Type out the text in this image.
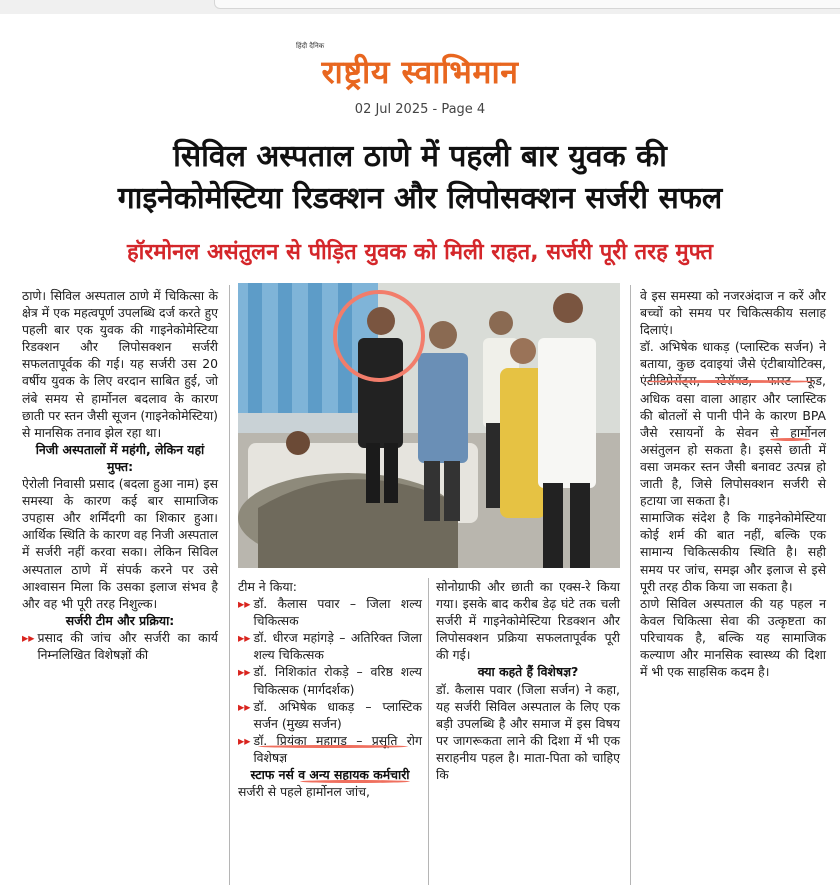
हिंदी दैनिक
राष्ट्रीय स्वाभिमान
02 Jul 2025 - Page 4
सिविल अस्पताल ठाणे में पहली बार युवक की
गाइनेकोमेस्टिया रिडक्शन और लिपोसक्शन सर्जरी सफल
हॉरमोनल असंतुलन से पीड़ित युवक को मिली राहत, सर्जरी पूरी तरह मुफ्त

ठाणे। सिविल अस्पताल ठाणे में चिकित्सा के क्षेत्र में एक महत्वपूर्ण उपलब्धि दर्ज करते हुए पहली बार एक युवक की गाइनेकोमेस्टिया रिडक्शन और लिपोसक्शन सर्जरी सफलतापूर्वक की गई। यह सर्जरी उस 20 वर्षीय युवक के लिए वरदान साबित हुई, जो लंबे समय से हार्मोनल बदलाव के कारण छाती पर स्तन जैसी सूजन (गाइनेकोमेस्टिया) से मानसिक तनाव झेल रहा था।

निजी अस्पतालों में महंगी, लेकिन यहां मुफ्त:

ऐरोली निवासी प्रसाद (बदला हुआ नाम) इस समस्या के कारण कई बार सामाजिक उपहास और शर्मिंदगी का शिकार हुआ। आर्थिक स्थिति के कारण वह निजी अस्पताल में सर्जरी नहीं करवा सका। लेकिन सिविल अस्पताल ठाणे में संपर्क करने पर उसे आश्वासन मिला कि उसका इलाज संभव है और वह भी पूरी तरह निशुल्क।

सर्जरी टीम और प्रक्रिया:

▸▸ प्रसाद की जांच और सर्जरी का कार्य निम्नलिखित विशेषज्ञों की

टीम ने किया:

▸▸ डॉ. कैलास पवार – जिला शल्य चिकित्सक
▸▸ डॉ. धीरज महांगड़े – अतिरिक्त जिला शल्य चिकित्सक
▸▸ डॉ. निशिकांत रोकड़े – वरिष्ठ शल्य चिकित्सक (मार्गदर्शक)
▸▸ डॉ. अभिषेक धाकड़ – प्लास्टिक सर्जन (मुख्य सर्जन)
▸▸ डॉ. प्रियंका महागड़ – प्रसूति रोग विशेषज्ञ

स्टाफ नर्स व अन्य सहायक कर्मचारी

सर्जरी से पहले हार्मोनल जांच,

सोनोग्राफी और छाती का एक्स-रे किया गया। इसके बाद करीब डेढ़ घंटे तक चली सर्जरी में गाइनेकोमेस्टिया रिडक्शन और लिपोसक्शन प्रक्रिया सफलतापूर्वक पूरी की गई।

क्या कहते हैं विशेषज्ञ?

डॉ. कैलास पवार (जिला सर्जन) ने कहा, यह सर्जरी सिविल अस्पताल के लिए एक बड़ी उपलब्धि है और समाज में इस विषय पर जागरूकता लाने की दिशा में भी एक सराहनीय पहल है। माता-पिता को चाहिए कि

वे इस समस्या को नजरअंदाज न करें और बच्चों को समय पर चिकित्सकीय सलाह दिलाएं।

डॉ. अभिषेक धाकड़ (प्लास्टिक सर्जन) ने बताया, कुछ दवाइयां जैसे एंटीबायोटिक्स, एंटीडिप्रेसेंट्स, स्टेरॉयड, फास्ट फूड, अधिक वसा वाला आहार और प्लास्टिक की बोतलों से पानी पीने के कारण BPA जैसे रसायनों के सेवन से हार्मोनल असंतुलन हो सकता है। इससे छाती में वसा जमकर स्तन जैसी बनावट उत्पन्न हो जाती है, जिसे लिपोसक्शन सर्जरी से हटाया जा सकता है।

सामाजिक संदेश है कि गाइनेकोमेस्टिया कोई शर्म की बात नहीं, बल्कि एक सामान्य चिकित्सकीय स्थिति है। सही समय पर जांच, समझ और इलाज से इसे पूरी तरह ठीक किया जा सकता है।

ठाणे सिविल अस्पताल की यह पहल न केवल चिकित्सा सेवा की उत्कृष्टता का परिचायक है, बल्कि यह सामाजिक कल्याण और मानसिक स्वास्थ्य की दिशा में भी एक साहसिक कदम है।
